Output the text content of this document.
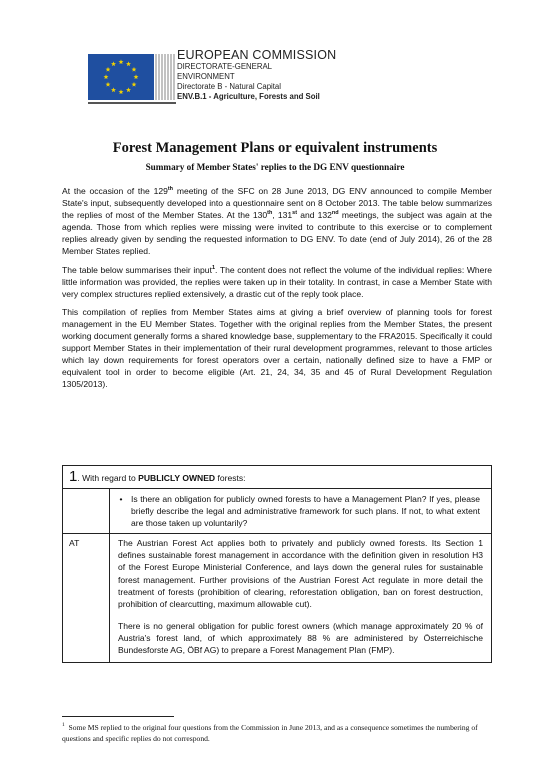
EUROPEAN COMMISSION
DIRECTORATE-GENERAL
ENVIRONMENT
Directorate B - Natural Capital
ENV.B.1 - Agriculture, Forests and Soil
Forest Management Plans or equivalent instruments
Summary of Member States' replies to the DG ENV questionnaire

At the occasion of the 129th meeting of the SFC on 28 June 2013, DG ENV announced to compile Member State's input, subsequently developed into a questionnaire sent on 8 October 2013. The table below summarizes the replies of most of the Member States. At the 130th, 131st and 132nd meetings, the subject was again at the agenda. Those from which replies were missing were invited to contribute to this exercise or to complement replies already given by sending the requested information to DG ENV. To date (end of July 2014), 26 of the 28 Member States replied.

The table below summarises their input$^1$. The content does not reflect the volume of the individual replies: Where little information was provided, the replies were taken up in their totality. In contrast, in case a Member State with very complex structures replied extensively, a drastic cut of the reply took place.

This compilation of replies from Member States aims at giving a brief overview of planning tools for forest management in the EU Member States. Together with the original replies from the Member States, the present working document generally forms a shared knowledge base, supplementary to the FRA2015. Specifically it could support Member States in their implementation of their rural development programmes, relevant to those articles which lay down requirements for forest operators over a certain, nationally defined size to have a FMP or equivalent tool in order to become eligible (Art. 21, 24, 34, 35 and 45 of Rural Development Regulation 1305/2013).

1. With regard to PUBLICLY OWNED forests:	

	• Is there an obligation for publicly owned forests to have a Management Plan? If yes, please briefly describe the legal and administrative framework for such plans. If not, to what extent are those taken up voluntarily?

AT	The Austrian Forest Act applies both to privately and publicly owned forests. Its Section 1 defines sustainable forest management in accordance with the definition given in resolution H3 of the Forest Europe Ministerial Conference, and lays down the general rules for sustainable forest management. Further provisions of the Austrian Forest Act regulate in more detail the treatment of forests (prohibition of clearing, reforestation obligation, ban on forest destruction, prohibition of clearcutting, maximum allowable cut).

There is no general obligation for public forest owners (which manage approximately 20 % of Austria's forest land, of which approximately 88 % are administered by Österreichische Bundesforste AG, ÖBf AG) to prepare a Forest Management Plan (FMP).

$^1$ Some MS replied to the original four questions from the Commission in June 2013, and as a consequence sometimes the numbering of questions and specific replies do not correspond.
